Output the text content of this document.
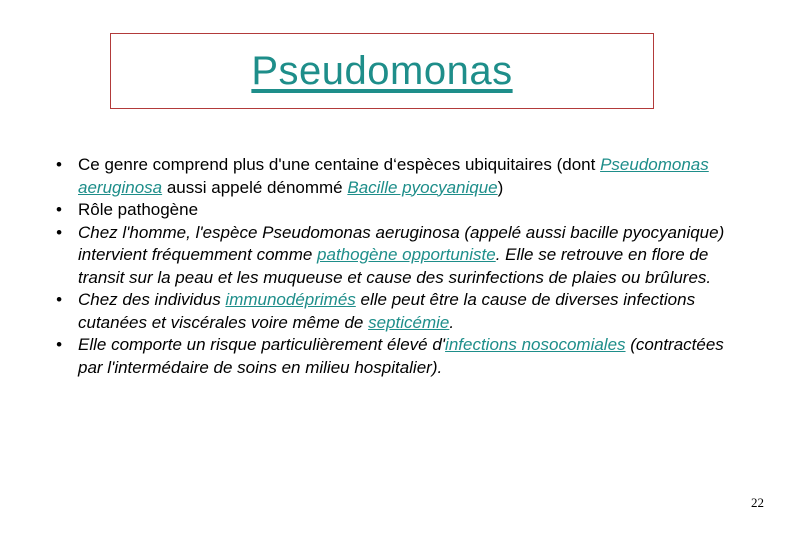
Pseudomonas
• Ce genre comprend plus d'une centaine d‘espèces ubiquitaires (dont Pseudomonas aeruginosa aussi appelé dénommé Bacille pyocyanique)
• Rôle pathogène
• Chez l'homme, l'espèce Pseudomonas aeruginosa (appelé aussi bacille pyocyanique) intervient fréquemment comme pathogène opportuniste. Elle se retrouve en flore de transit sur la peau et les muqueuse et cause des surinfections de plaies ou brûlures.
• Chez des individus immunodéprimés elle peut être la cause de diverses infections cutanées et viscérales voire même de septicémie.
• Elle comporte un risque particulièrement élevé d'infections nosocomiales (contractées par l'intermédaire de soins en milieu hospitalier).
22
